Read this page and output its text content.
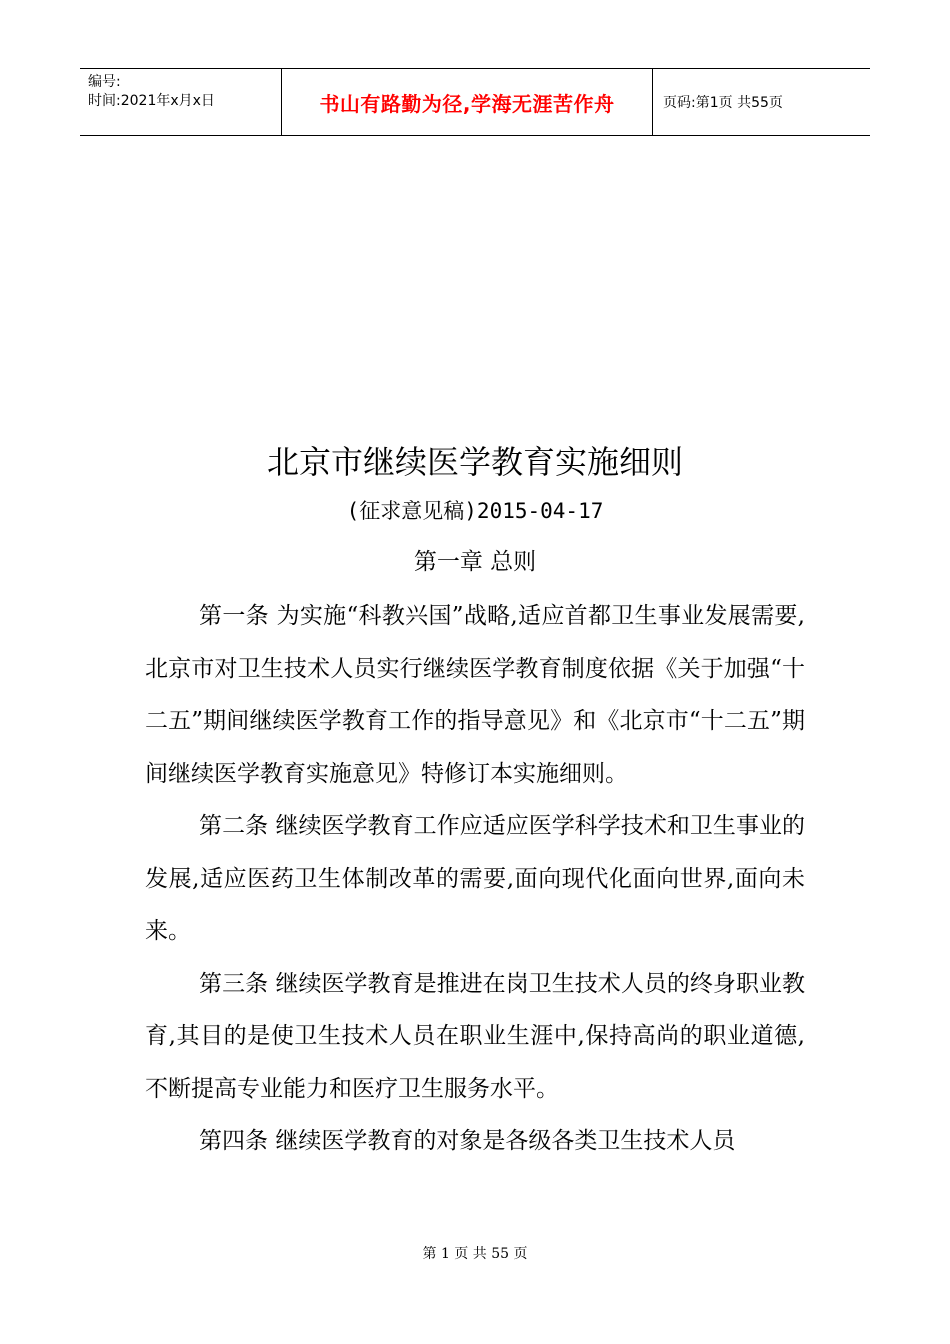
编号:
时间:2021年x月x日	书山有路勤为径,学海无涯苦作舟	页码:第1页 共55页
北京市继续医学教育实施细则
(征求意见稿)2015-04-17
第一章 总则

第一条 为实施“科教兴国”战略,适应首都卫生事业发展需要,北京市对卫生技术人员实行继续医学教育制度依据《关于加强“十二五”期间继续医学教育工作的指导意见》和《北京市“十二五”期间继续医学教育实施意见》特修订本实施细则。

第二条 继续医学教育工作应适应医学科学技术和卫生事业的发展,适应医药卫生体制改革的需要,面向现代化面向世界,面向未来。

第三条 继续医学教育是推进在岗卫生技术人员的终身职业教育,其目的是使卫生技术人员在职业生涯中,保持高尚的职业道德,不断提高专业能力和医疗卫生服务水平。

第四条 继续医学教育的对象是各级各类卫生技术人员

第 1 页 共 55 页
